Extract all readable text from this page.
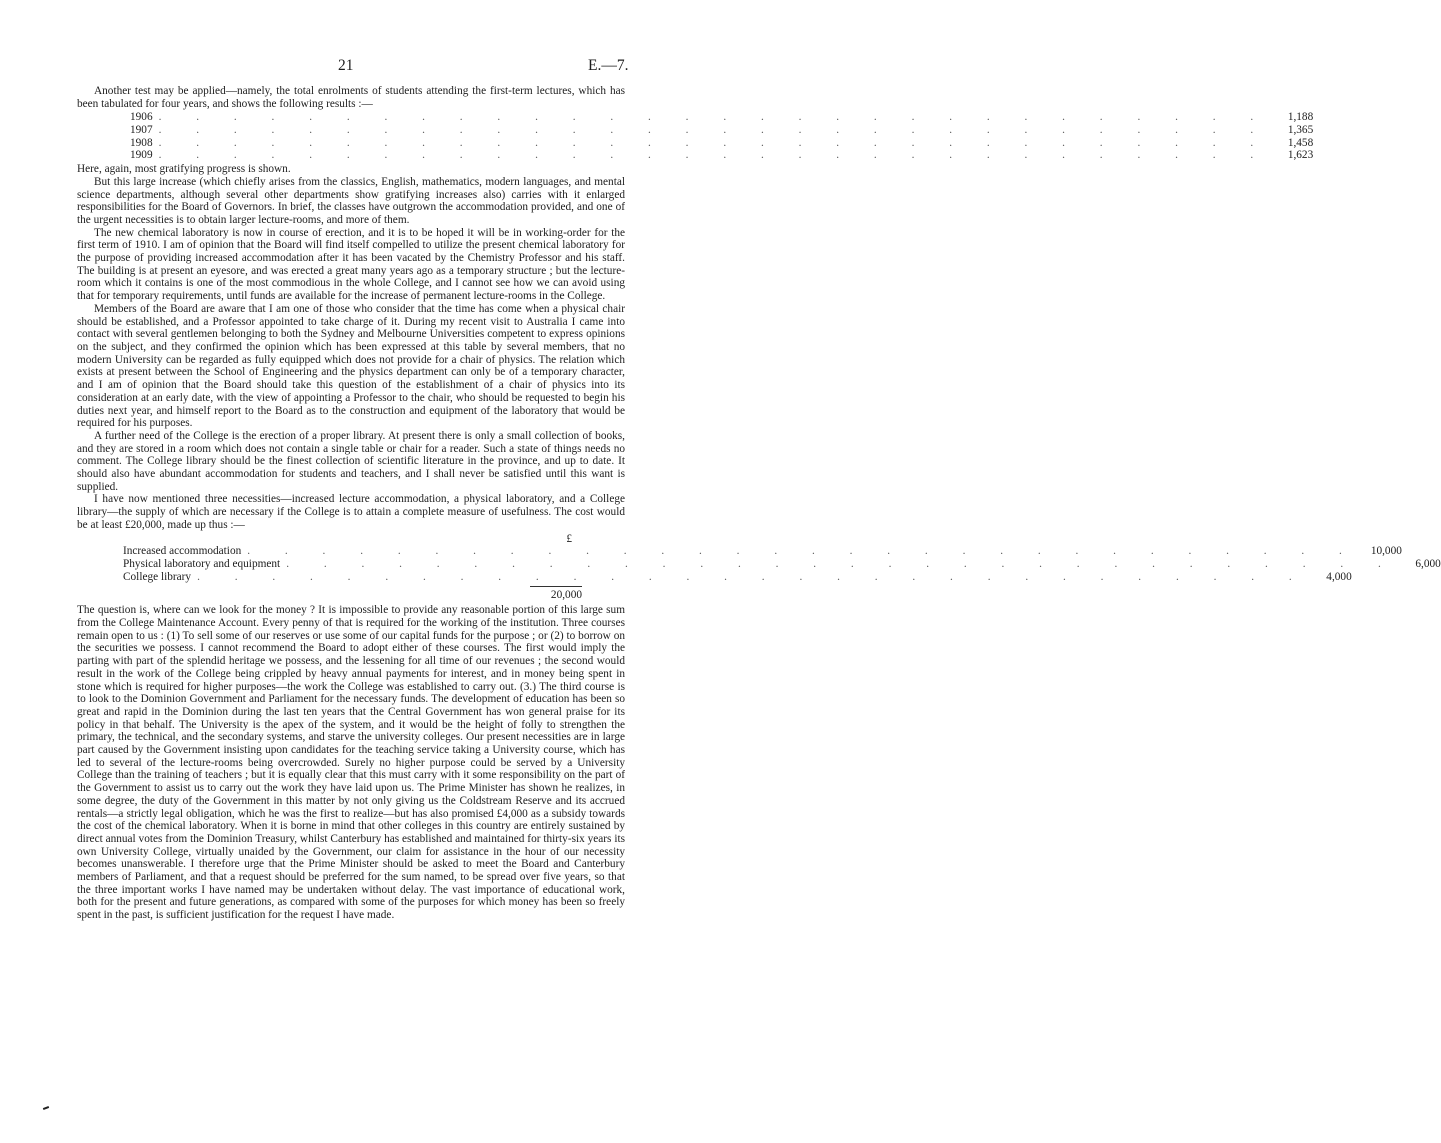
21	E.—7.

Another test may be applied—namely, the total enrolments of students attending the first-term lectures, which has been tabulated for four years, and shows the following results :—

1906 . . . . . . . . . . . . . . . . . . . . . . . . . . . . . .	1,188
1907 . . . . . . . . . . . . . . . . . . . . . . . . . . . . . .	1,365
1908 . . . . . . . . . . . . . . . . . . . . . . . . . . . . . .	1,458
1909 . . . . . . . . . . . . . . . . . . . . . . . . . . . . . .	1,623

Here, again, most gratifying progress is shown.

But this large increase (which chiefly arises from the classics, English, mathematics, modern languages, and mental science departments, although several other departments show gratifying increases also) carries with it enlarged responsibilities for the Board of Governors. In brief, the classes have outgrown the accommodation provided, and one of the urgent necessities is to obtain larger lecture-rooms, and more of them.

The new chemical laboratory is now in course of erection, and it is to be hoped it will be in working-order for the first term of 1910. I am of opinion that the Board will find itself compelled to utilize the present chemical laboratory for the purpose of providing increased accommodation after it has been vacated by the Chemistry Professor and his staff. The building is at present an eyesore, and was erected a great many years ago as a temporary structure ; but the lecture-room which it contains is one of the most commodious in the whole College, and I cannot see how we can avoid using that for temporary requirements, until funds are available for the increase of permanent lecture-rooms in the College.

Members of the Board are aware that I am one of those who consider that the time has come when a physical chair should be established, and a Professor appointed to take charge of it. During my recent visit to Australia I came into contact with several gentlemen belonging to both the Sydney and Melbourne Universities competent to express opinions on the subject, and they confirmed the opinion which has been expressed at this table by several members, that no modern University can be regarded as fully equipped which does not provide for a chair of physics. The relation which exists at present between the School of Engineering and the physics department can only be of a temporary character, and I am of opinion that the Board should take this question of the establishment of a chair of physics into its consideration at an early date, with the view of appointing a Professor to the chair, who should be requested to begin his duties next year, and himself report to the Board as to the construction and equipment of the laboratory that would be required for his purposes.

A further need of the College is the erection of a proper library. At present there is only a small collection of books, and they are stored in a room which does not contain a single table or chair for a reader. Such a state of things needs no comment. The College library should be the finest collection of scientific literature in the province, and up to date. It should also have abundant accommodation for students and teachers, and I shall never be satisfied until this want is supplied.

I have now mentioned three necessities—increased lecture accommodation, a physical laboratory, and a College library—the supply of which are necessary if the College is to attain a complete measure of usefulness. The cost would be at least £20,000, made up thus :—

£
Increased accommodation . . . . . . . . . . . . . . . . . . . . . . . . . . . . . .	10,000
Physical laboratory and equipment . . . . . . . . . . . . . . . . . . . . . . . . . . . . . .	6,000
College library . . . . . . . . . . . . . . . . . . . . . . . . . . . . . .	4,000
20,000

The question is, where can we look for the money ? It is impossible to provide any reasonable portion of this large sum from the College Maintenance Account. Every penny of that is required for the working of the institution. Three courses remain open to us : (1) To sell some of our reserves or use some of our capital funds for the purpose ; or (2) to borrow on the securities we possess. I cannot recommend the Board to adopt either of these courses. The first would imply the parting with part of the splendid heritage we possess, and the lessening for all time of our revenues ; the second would result in the work of the College being crippled by heavy annual payments for interest, and in money being spent in stone which is required for higher purposes—the work the College was established to carry out. (3.) The third course is to look to the Dominion Government and Parliament for the necessary funds. The development of education has been so great and rapid in the Dominion during the last ten years that the Central Government has won general praise for its policy in that behalf. The University is the apex of the system, and it would be the height of folly to strengthen the primary, the technical, and the secondary systems, and starve the university colleges. Our present necessities are in large part caused by the Government insisting upon candidates for the teaching service taking a University course, which has led to several of the lecture-rooms being overcrowded. Surely no higher purpose could be served by a University College than the training of teachers ; but it is equally clear that this must carry with it some responsibility on the part of the Government to assist us to carry out the work they have laid upon us. The Prime Minister has shown he realizes, in some degree, the duty of the Government in this matter by not only giving us the Coldstream Reserve and its accrued rentals—a strictly legal obligation, which he was the first to realize—but has also promised £4,000 as a subsidy towards the cost of the chemical laboratory. When it is borne in mind that other colleges in this country are entirely sustained by direct annual votes from the Dominion Treasury, whilst Canterbury has established and maintained for thirty-six years its own University College, virtually unaided by the Government, our claim for assistance in the hour of our necessity becomes unanswerable. I therefore urge that the Prime Minister should be asked to meet the Board and Canterbury members of Parliament, and that a request should be preferred for the sum named, to be spread over five years, so that the three important works I have named may be undertaken without delay. The vast importance of educational work, both for the present and future generations, as compared with some of the purposes for which money has been so freely spent in the past, is sufficient justification for the request I have made.
